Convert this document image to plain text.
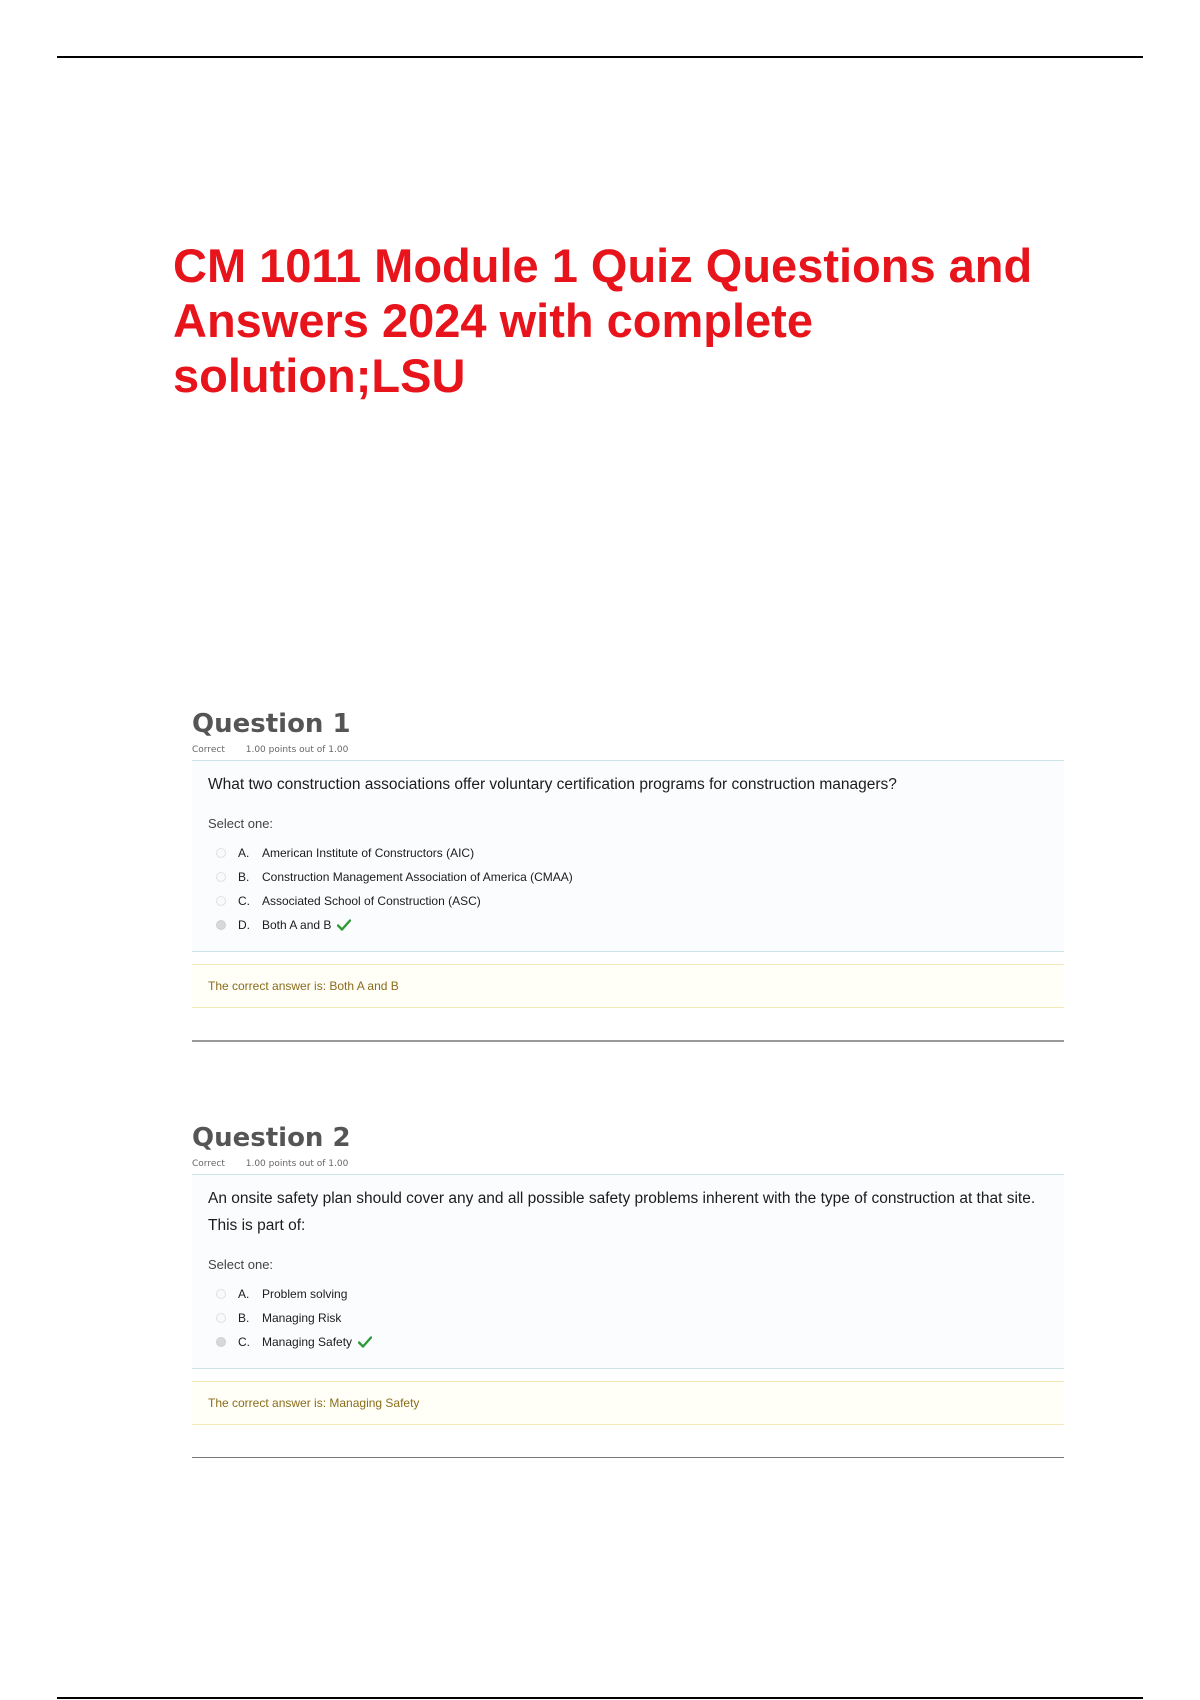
CM 1011 Module 1 Quiz Questions and Answers 2024 with complete solution;LSU
Question 1
Correct 1.00 points out of 1.00
What two construction associations offer voluntary certification programs for construction managers?
Select one:
A.	American Institute of Constructors (AIC)
B.	Construction Management Association of America (CMAA)
C.	Associated School of Construction (ASC)
D.	Both A and B
The correct answer is: Both A and B
Question 2
Correct 1.00 points out of 1.00
An onsite safety plan should cover any and all possible safety problems inherent with the type of construction at that site. This is part of:
Select one:
A.	Problem solving
B.	Managing Risk
C.	Managing Safety
The correct answer is: Managing Safety
